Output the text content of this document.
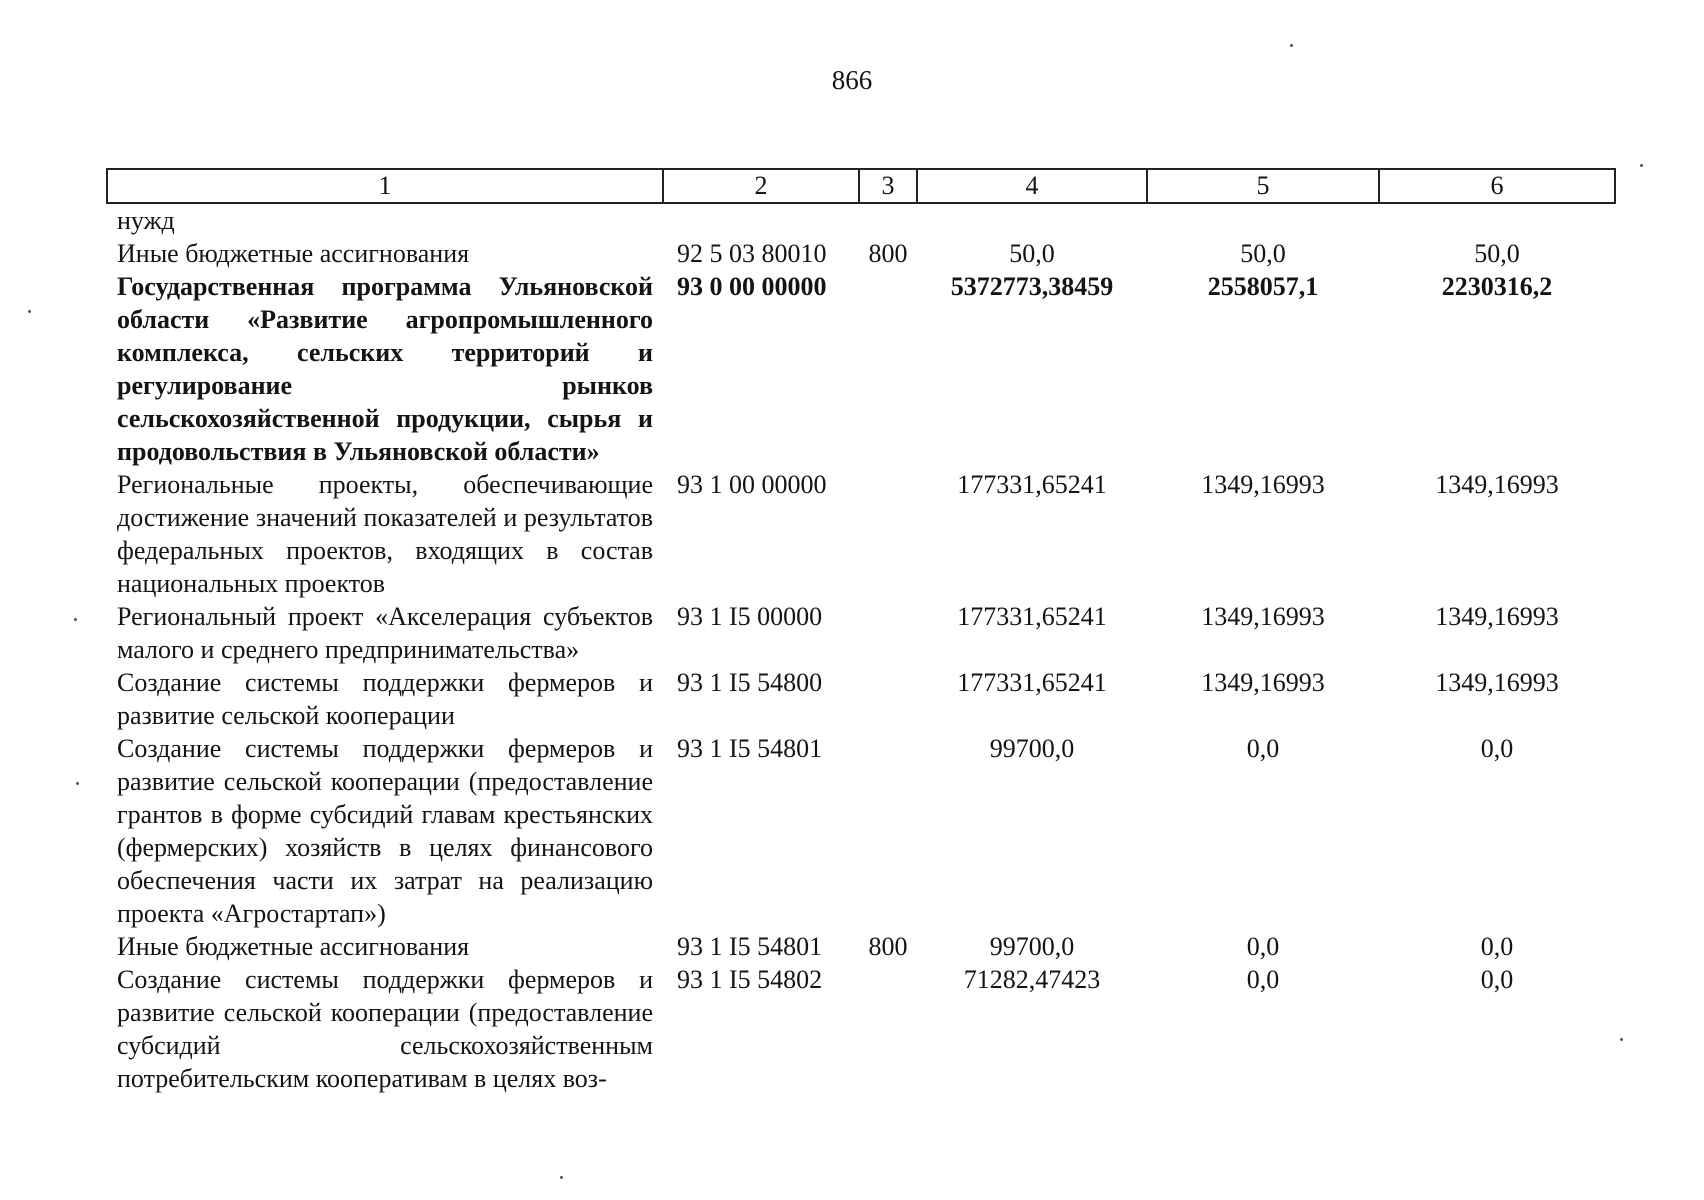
866
1	2	3	4	5	6
нужд					
Иные бюджетные ассигнования	92 5 03 80010	800	50,0	50,0	50,0
Государственная программа Ульяновской области «Развитие агропромышленного комплекса, сельских территорий и регулирование рынков сельскохозяйственной продукции, сырья и продовольствия в Ульяновской области»	93 0 00 00000		5372773,38459	2558057,1	2230316,2
Региональные проекты, обеспечивающие достижение значений показателей и результатов федеральных проектов, входящих в состав национальных проектов	93 1 00 00000		177331,65241	1349,16993	1349,16993
Региональный проект «Акселерация субъектов малого и среднего предпринимательства»	93 1 I5 00000		177331,65241	1349,16993	1349,16993
Создание системы поддержки фермеров и развитие сельской кооперации	93 1 I5 54800		177331,65241	1349,16993	1349,16993
Создание системы поддержки фермеров и развитие сельской кооперации (предоставление грантов в форме субсидий главам крестьянских (фермерских) хозяйств в целях финансового обеспечения части их затрат на реализацию проекта «Агростартап»)	93 1 I5 54801		99700,0	0,0	0,0
Иные бюджетные ассигнования	93 1 I5 54801	800	99700,0	0,0	0,0
Создание системы поддержки фермеров и развитие сельской кооперации (предоставление субсидий сельскохозяйственным потребительским кооперативам в целях воз-	93 1 I5 54802		71282,47423	0,0	0,0
